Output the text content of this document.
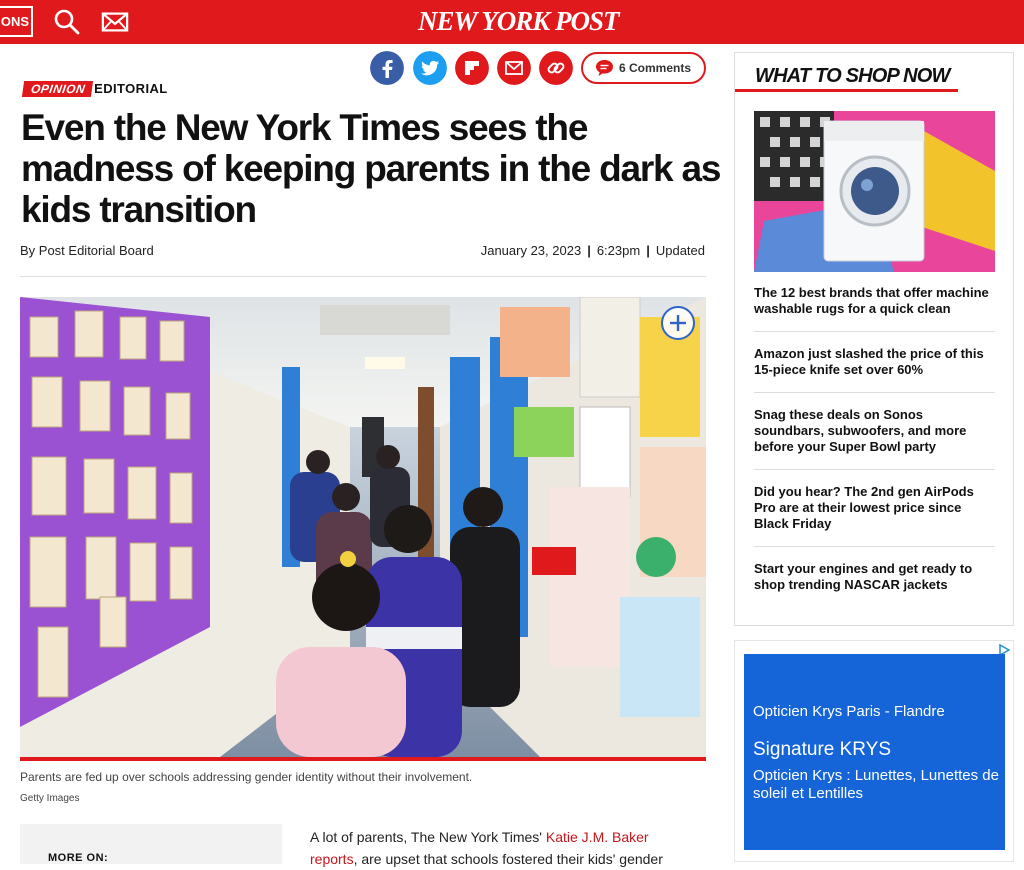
ONS	NEW YORK POST
6 Comments
OPINION EDITORIAL
Even the New York Times sees the madness of keeping parents in the dark as kids transition
By Post Editorial Board	January 23, 2023 | 6:23pm | Updated
Parents are fed up over schools addressing gender identity without their involvement.
Getty Images
MORE ON:

A lot of parents, The New York Times' Katie J.M. Baker
reports, are upset that schools fostered their kids' gender

WHAT TO SHOP NOW
The 12 best brands that offer machine washable rugs for a quick clean
Amazon just slashed the price of this 15-piece knife set over 60%
Snag these deals on Sonos soundbars, subwoofers, and more before your Super Bowl party
Did you hear? The 2nd gen AirPods Pro are at their lowest price since Black Friday
Start your engines and get ready to shop trending NASCAR jackets
Opticien Krys Paris - Flandre
Signature KRYS
Opticien Krys : Lunettes, Lunettes de soleil et Lentilles
